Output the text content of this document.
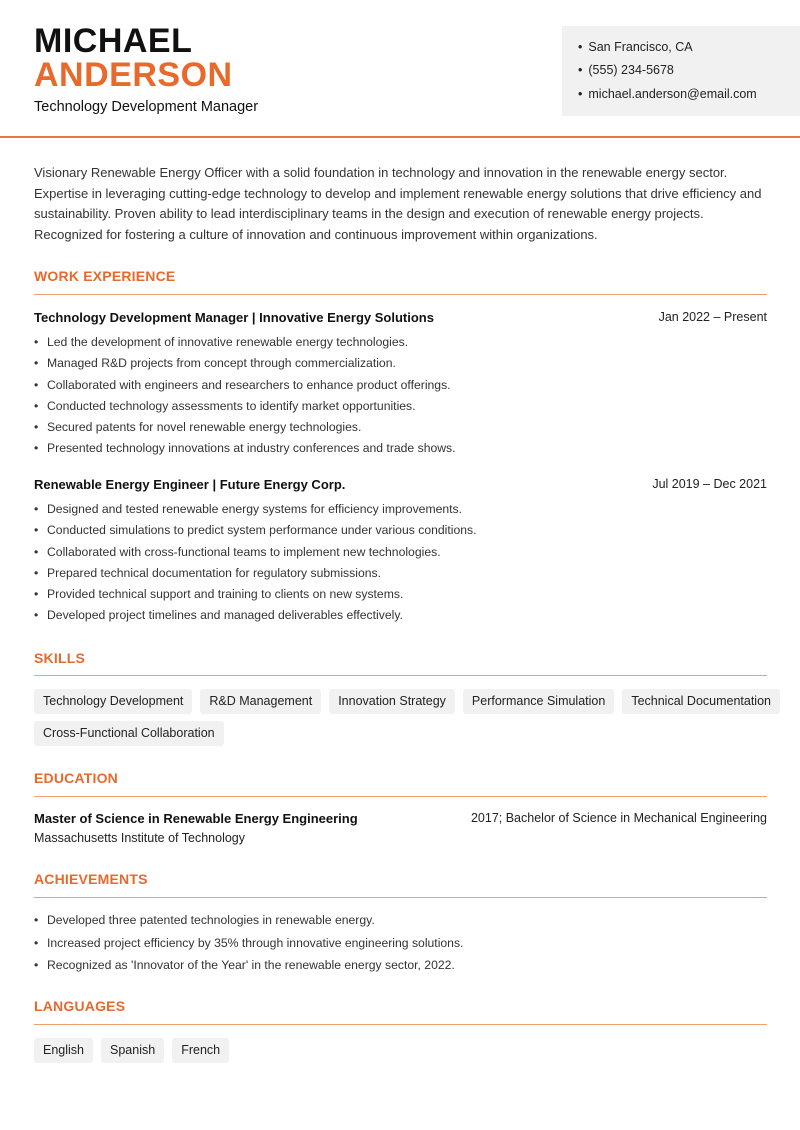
MICHAEL
ANDERSON
Technology Development Manager
• San Francisco, CA
• (555) 234-5678
• michael.anderson@email.com
Visionary Renewable Energy Officer with a solid foundation in technology and innovation in the renewable energy sector. Expertise in leveraging cutting-edge technology to develop and implement renewable energy solutions that drive efficiency and sustainability. Proven ability to lead interdisciplinary teams in the design and execution of renewable energy projects. Recognized for fostering a culture of innovation and continuous improvement within organizations.
WORK EXPERIENCE
Technology Development Manager | Innovative Energy Solutions	Jan 2022 – Present
• Led the development of innovative renewable energy technologies.
• Managed R&D projects from concept through commercialization.
• Collaborated with engineers and researchers to enhance product offerings.
• Conducted technology assessments to identify market opportunities.
• Secured patents for novel renewable energy technologies.
• Presented technology innovations at industry conferences and trade shows.
Renewable Energy Engineer | Future Energy Corp.	Jul 2019 – Dec 2021
• Designed and tested renewable energy systems for efficiency improvements.
• Conducted simulations to predict system performance under various conditions.
• Collaborated with cross-functional teams to implement new technologies.
• Prepared technical documentation for regulatory submissions.
• Provided technical support and training to clients on new systems.
• Developed project timelines and managed deliverables effectively.
SKILLS
Technology Development	R&D Management	Innovation Strategy	Performance Simulation	Technical Documentation
Cross-Functional Collaboration
EDUCATION
Master of Science in Renewable Energy Engineering	2017; Bachelor of Science in Mechanical Engineering
Massachusetts Institute of Technology
ACHIEVEMENTS
• Developed three patented technologies in renewable energy.
• Increased project efficiency by 35% through innovative engineering solutions.
• Recognized as 'Innovator of the Year' in the renewable energy sector, 2022.
LANGUAGES
English	Spanish	French
